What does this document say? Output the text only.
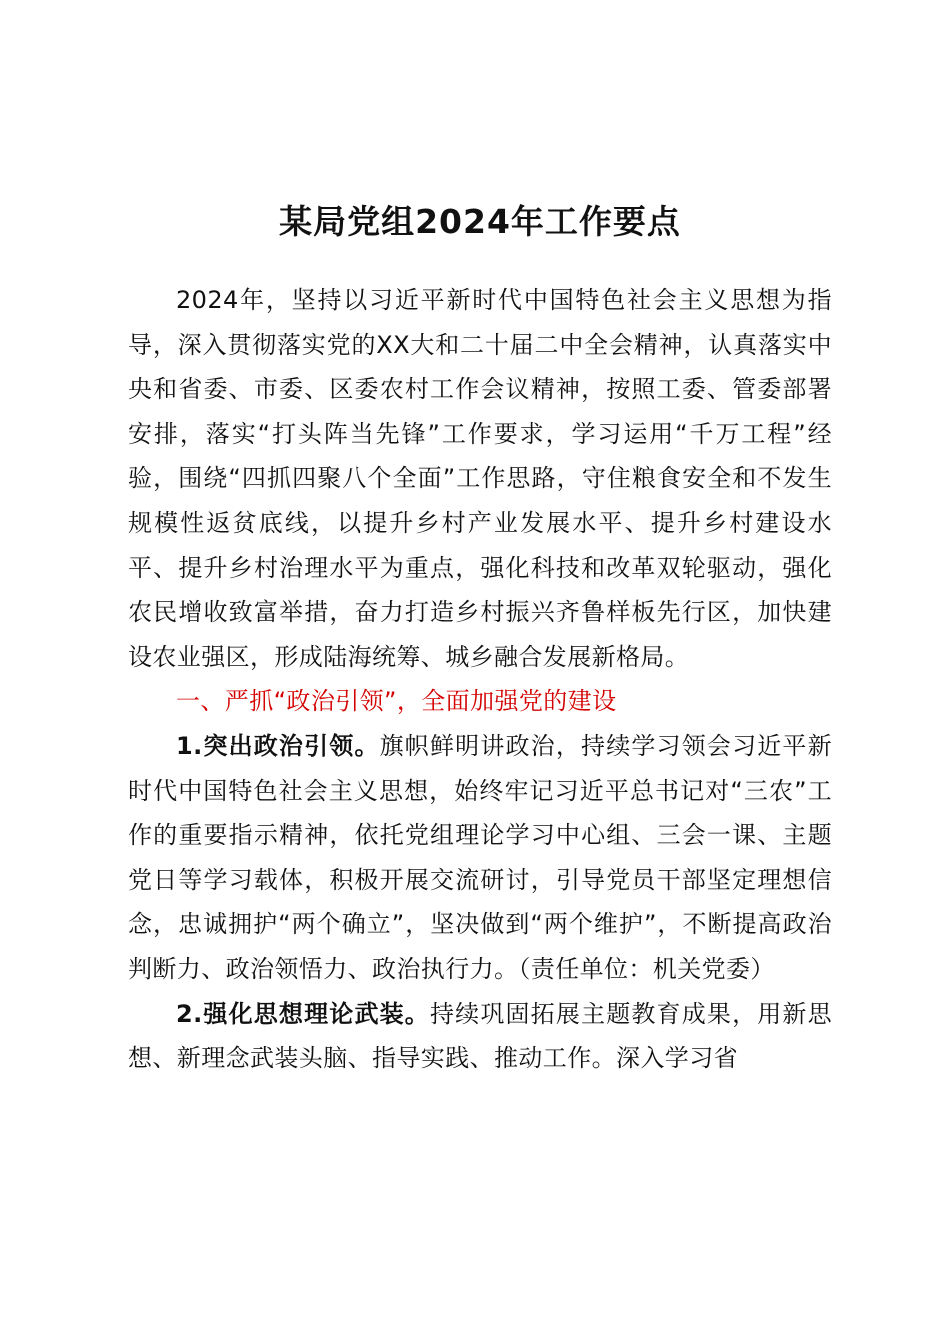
某局党组2024年工作要点

2024年，坚持以习近平新时代中国特色社会主义思想为指导，深入贯彻落实党的XX大和二十届二中全会精神，认真落实中央和省委、市委、区委农村工作会议精神，按照工委、管委部署安排，落实“打头阵当先锋”工作要求，学习运用“千万工程”经验，围绕“四抓四聚八个全面”工作思路，守住粮食安全和不发生规模性返贫底线，以提升乡村产业发展水平、提升乡村建设水平、提升乡村治理水平为重点，强化科技和改革双轮驱动，强化农民增收致富举措，奋力打造乡村振兴齐鲁样板先行区，加快建设农业强区，形成陆海统筹、城乡融合发展新格局。

一、严抓“政治引领”，全面加强党的建设

1.突出政治引领。旗帜鲜明讲政治，持续学习领会习近平新时代中国特色社会主义思想，始终牢记习近平总书记对“三农”工作的重要指示精神，依托党组理论学习中心组、三会一课、主题党日等学习载体，积极开展交流研讨，引导党员干部坚定理想信念，忠诚拥护“两个确立”，坚决做到“两个维护”，不断提高政治判断力、政治领悟力、政治执行力。（责任单位：机关党委）

2.强化思想理论武装。持续巩固拓展主题教育成果，用新思想、新理念武装头脑、指导实践、推动工作。深入学习省
